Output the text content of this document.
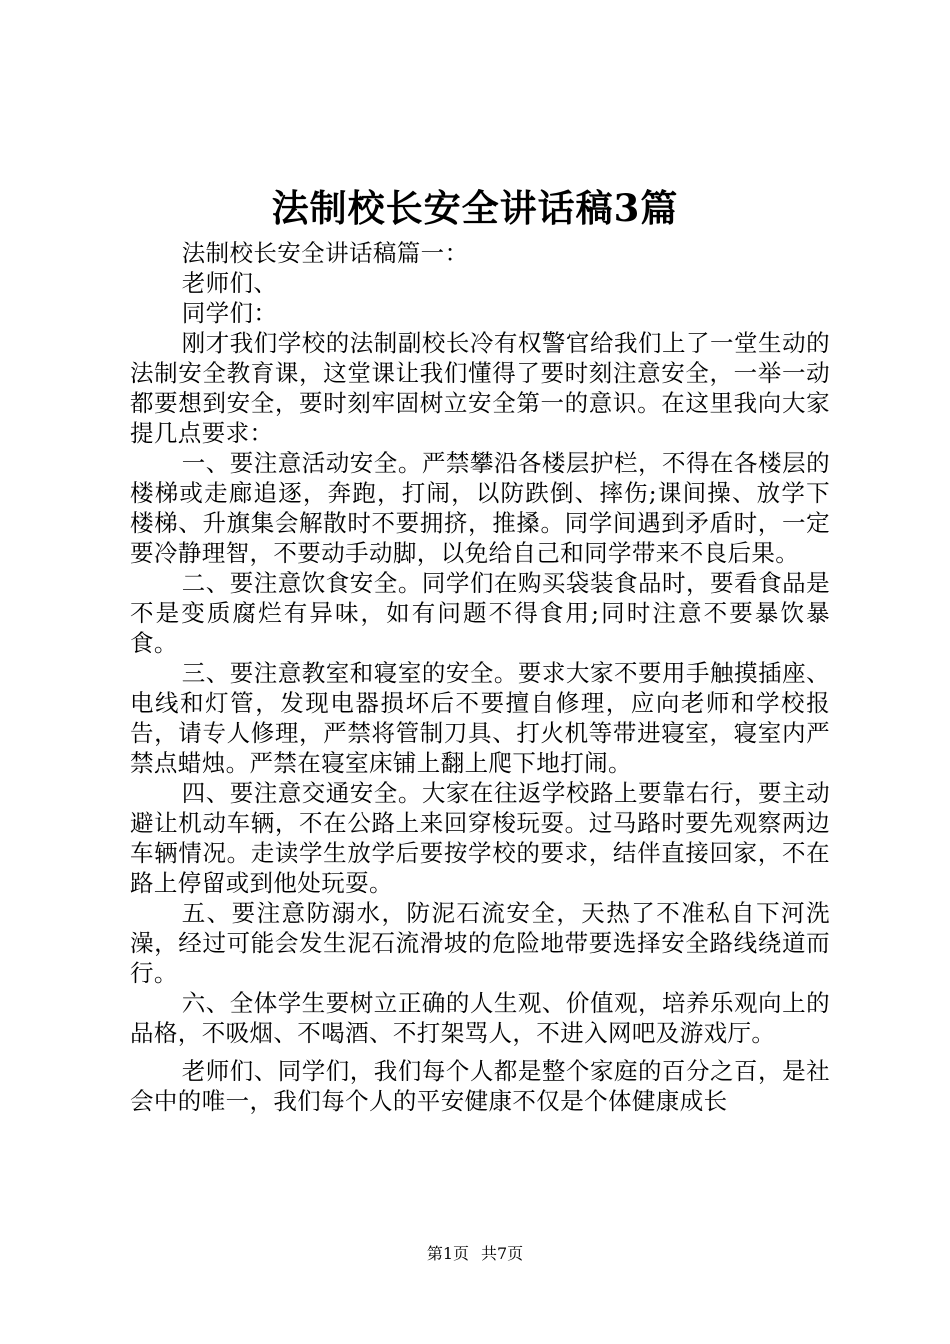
法制校长安全讲话稿3篇

法制校长安全讲话稿篇一：

老师们、

同学们：

刚才我们学校的法制副校长冷有权警官给我们上了一堂生动的法制安全教育课，这堂课让我们懂得了要时刻注意安全，一举一动都要想到安全，要时刻牢固树立安全第一的意识。在这里我向大家提几点要求：

一、要注意活动安全。严禁攀沿各楼层护栏，不得在各楼层的楼梯或走廊追逐，奔跑，打闹，以防跌倒、摔伤;课间操、放学下楼梯、升旗集会解散时不要拥挤，推搡。同学间遇到矛盾时，一定要冷静理智，不要动手动脚，以免给自己和同学带来不良后果。

二、要注意饮食安全。同学们在购买袋装食品时，要看食品是不是变质腐烂有异味，如有问题不得食用;同时注意不要暴饮暴食。

三、要注意教室和寝室的安全。要求大家不要用手触摸插座、电线和灯管，发现电器损坏后不要擅自修理，应向老师和学校报告，请专人修理，严禁将管制刀具、打火机等带进寝室，寝室内严禁点蜡烛。严禁在寝室床铺上翻上爬下地打闹。

四、要注意交通安全。大家在往返学校路上要靠右行，要主动避让机动车辆，不在公路上来回穿梭玩耍。过马路时要先观察两边车辆情况。走读学生放学后要按学校的要求，结伴直接回家，不在路上停留或到他处玩耍。

五、要注意防溺水，防泥石流安全，天热了不准私自下河洗澡，经过可能会发生泥石流滑坡的危险地带要选择安全路线绕道而行。

六、全体学生要树立正确的人生观、价值观，培养乐观向上的品格，不吸烟、不喝酒、不打架骂人，不进入网吧及游戏厅。

老师们、同学们，我们每个人都是整个家庭的百分之百，是社会中的唯一，我们每个人的平安健康不仅是个体健康成长

第1页 共7页
